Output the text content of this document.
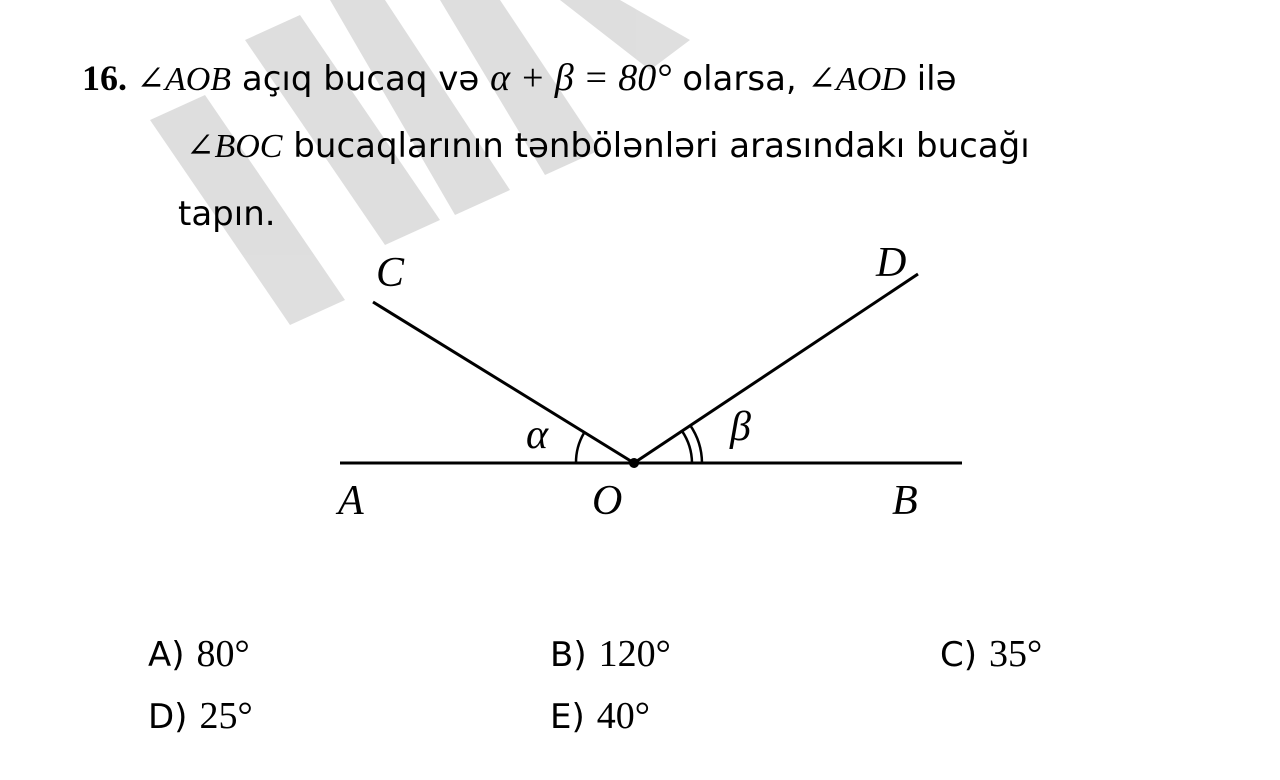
16. ∠AOB açıq bucaq və α + β = 80° olarsa, ∠AOD ilə
∠BOC bucaqlarının tənbölənləri arasındakı bucağı
tapın.
C	D
α	β
A	O	B
A) 80°	B) 120°	C) 35°
D) 25°	E) 40°
